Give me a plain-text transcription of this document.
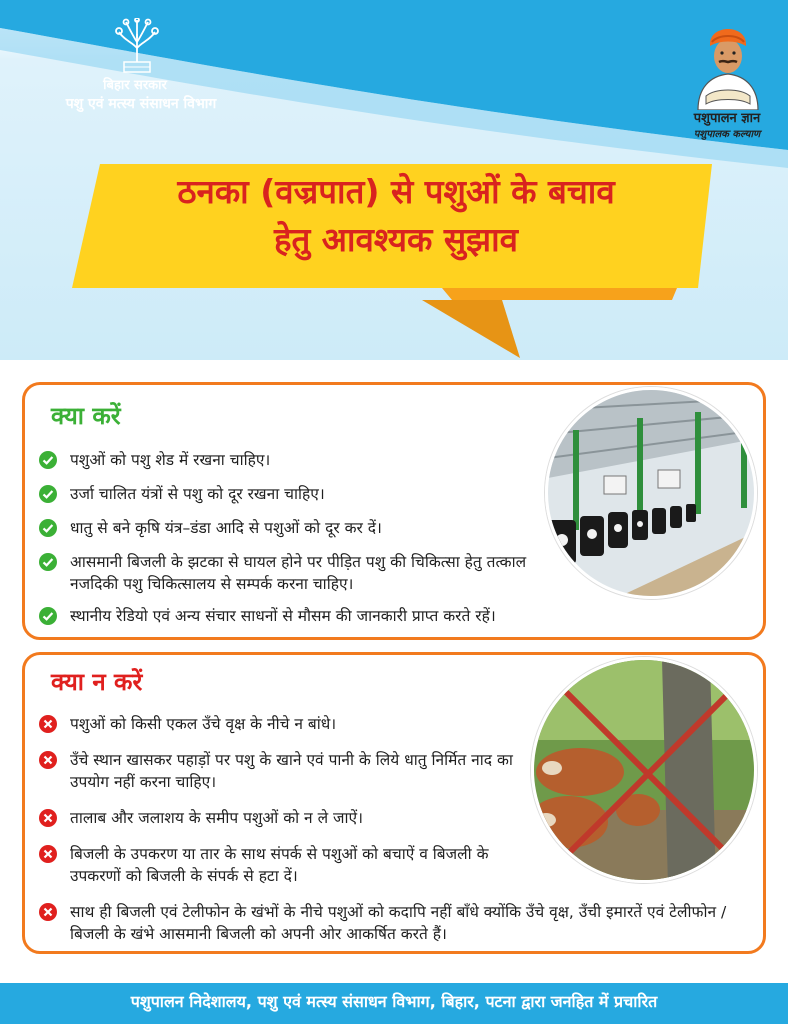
बिहार सरकार
पशु एवं मत्स्य संसाधन विभाग
पशुपालन ज्ञान
पशुपालक कल्याण
ठनका (वज्रपात) से पशुओं के बचाव
हेतु आवश्यक सुझाव
क्या करें
पशुओं को पशु शेड में रखना चाहिए।
उर्जा चालित यंत्रों से पशु को दूर रखना चाहिए।
धातु से बने कृषि यंत्र–डंडा आदि से पशुओं को दूर कर दें।
आसमानी बिजली के झटका से घायल होने पर पीड़ित पशु की चिकित्सा हेतु तत्काल नजदिकी पशु चिकित्सालय से सम्पर्क करना चाहिए।
स्थानीय रेडियो एवं अन्य संचार साधनों से मौसम की जानकारी प्राप्त करते रहें।
क्या न करें
पशुओं को किसी एकल उँचे वृक्ष के नीचे न बांधे।
उँचे स्थान खासकर पहाड़ों पर पशु के खाने एवं पानी के लिये धातु निर्मित नाद का उपयोग नहीं करना चाहिए।
तालाब और जलाशय के समीप पशुओं को न ले जाऐं।
बिजली के उपकरण या तार के साथ संपर्क से पशुओं को बचाऐं व बिजली के उपकरणों को बिजली के संपर्क से हटा दें।
साथ ही बिजली एवं टेलीफोन के खंभों के नीचे पशुओं को कदापि नहीं बाँधे क्योंकि उँचे वृक्ष, उँची इमारतें एवं टेलीफोन / बिजली के खंभे आसमानी बिजली को अपनी ओर आकर्षित करते हैं।
पशुपालन निदेशालय, पशु एवं मत्स्य संसाधन विभाग, बिहार, पटना द्वारा जनहित में प्रचारित
